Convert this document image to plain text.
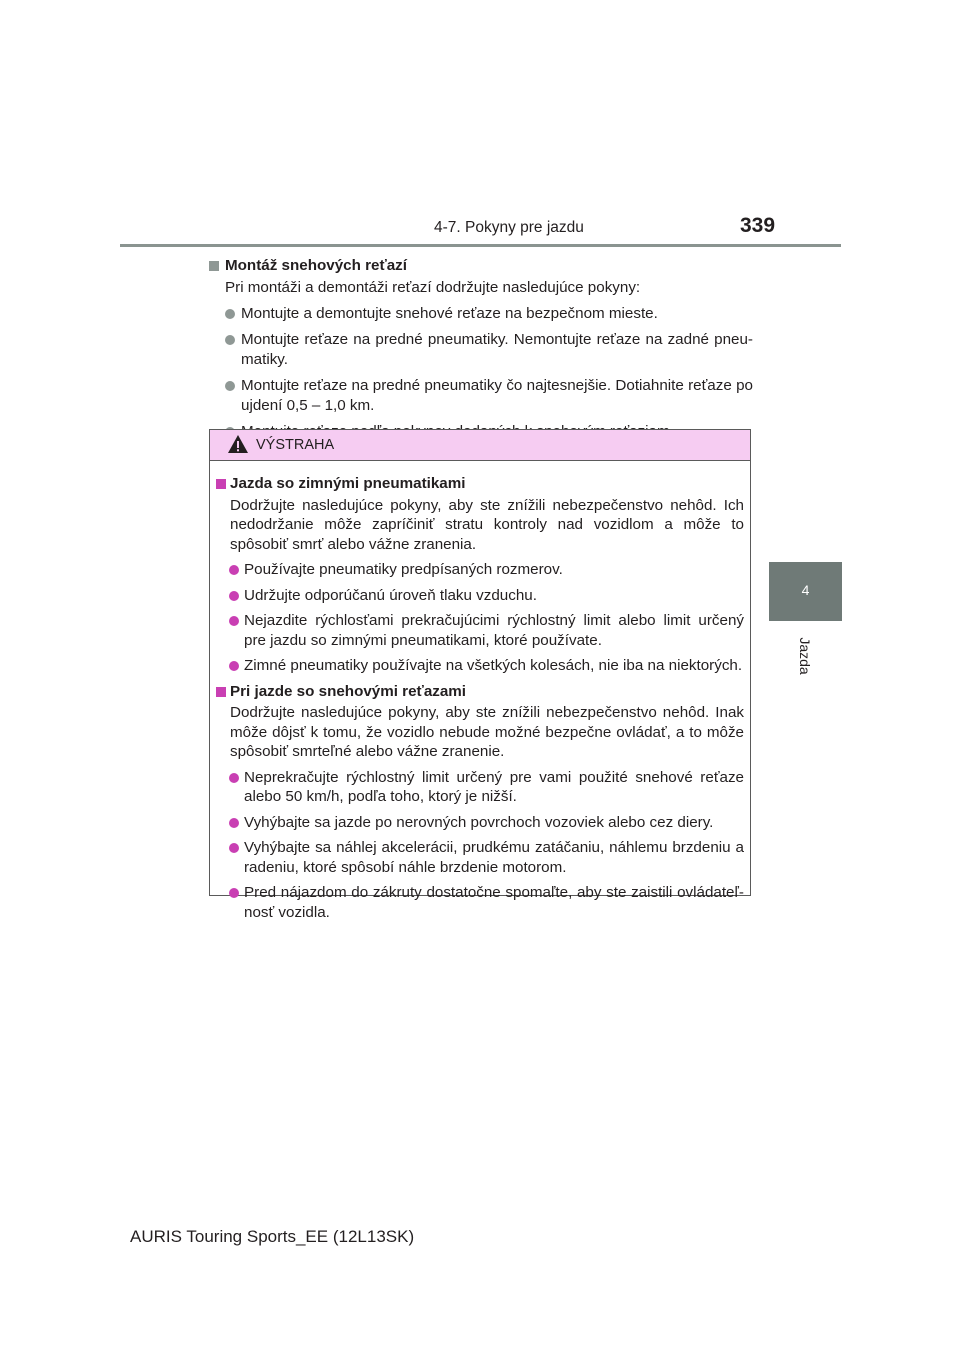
4-7. Pokyny pre jazdu	339
4
Jazda
Montáž snehových reťazí
Pri montáži a demontáži reťazí dodržujte nasledujúce pokyny:
Montujte a demontujte snehové reťaze na bezpečnom mieste.
Montujte reťaze na predné pneumatiky. Nemontujte reťaze na zadné pneu-matiky.
Montujte reťaze na predné pneumatiky čo najtesnejšie. Dotiahnite reťaze po ujdení 0,5 – 1,0 km.
VÝSTRAHA
Jazda so zimnými pneumatikami
Dodržujte nasledujúce pokyny, aby ste znížili nebezpečenstvo nehôd. Ich nedodržanie môže zapríčiniť stratu kontroly nad vozidlom a môže to spôsobiť smrť alebo vážne zranenia.
Používajte pneumatiky predpísaných rozmerov.
Udržujte odporúčanú úroveň tlaku vzduchu.
Nejazdite rýchlosťami prekračujúcimi rýchlostný limit alebo limit určený pre jazdu so zimnými pneumatikami, ktoré používate.
Zimné pneumatiky používajte na všetkých kolesách, nie iba na niektorých.
Pri jazde so snehovými reťazami
Dodržujte nasledujúce pokyny, aby ste znížili nebezpečenstvo nehôd. Inak môže dôjsť k tomu, že vozidlo nebude možné bezpečne ovládať, a to môže spôsobiť smrteľné alebo vážne zranenie.
Neprekračujte rýchlostný limit určený pre vami použité snehové reťaze alebo 50 km/h, podľa toho, ktorý je nižší.
Vyhýbajte sa jazde po nerovných povrchoch vozoviek alebo cez diery.
Vyhýbajte sa náhlej akcelerácii, prudkému zatáčaniu, náhlemu brzdeniu a radeniu, ktoré spôsobí náhle brzdenie motorom.
Pred nájazdom do zákruty dostatočne spomaľte, aby ste zaistili ovládateľ-nosť vozidla.
AURIS Touring Sports_EE (12L13SK)
